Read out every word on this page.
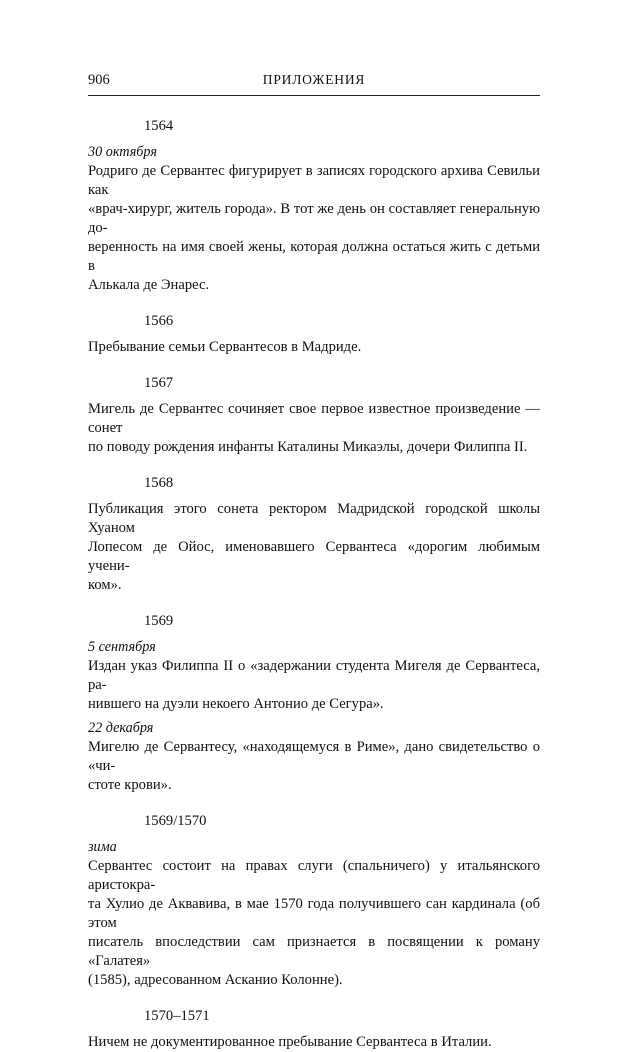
906	ПРИЛОЖЕНИЯ
1564
30 октября
Родриго де Сервантес фигурирует в записях городского архива Севильи как
«врач-хирург, житель города». В тот же день он составляет генеральную до-
веренность на имя своей жены, которая должна остаться жить с детьми в
Алькала де Энарес.
1566
Пребывание семьи Сервантесов в Мадриде.
1567
Мигель де Сервантес сочиняет свое первое известное произведение — сонет
по поводу рождения инфанты Каталины Микаэлы, дочери Филиппа II.
1568
Публикация этого сонета ректором Мадридской городской школы Хуаном
Лопесом де Ойос, именовавшего Сервантеса «дорогим любимым учени-
ком».
1569
5 сентября
Издан указ Филиппа II о «задержании студента Мигеля де Сервантеса, ра-
нившего на дуэли некоего Антонио де Сегура».
22 декабря
Мигелю де Сервантесу, «находящемуся в Риме», дано свидетельство о «чи-
стоте крови».
1569/1570
зима
Сервантес состоит на правах слуги (спальничего) у итальянского аристокра-
та Хулио де Аквавива, в мае 1570 года получившего сан кардинала (об этом
писатель впоследствии сам признается в посвящении к роману «Галатея»
(1585), адресованном Асканио Колонне).
1570–1571
Ничем не документированное пребывание Сервантеса в Италии.
